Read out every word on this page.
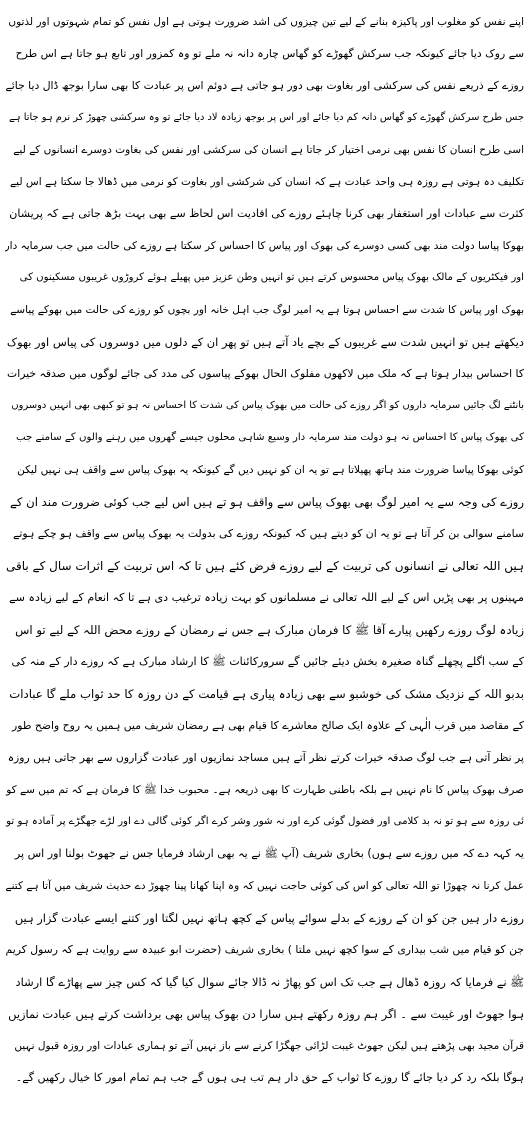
اپنے نفس کو مغلوب اور پاکیزہ بنانے کے لیے تین چیزوں کی اشد ضرورت ہوتی ہے اول نفس کو تمام شہوتوں اور لذتوں
سے روک دیا جائے کیونکہ جب سرکش گھوڑے کو گھاس چارہ دانہ نہ ملے تو وہ کمزور اور تابع ہو جاتا ہے اس طرح
روزے کے ذریعے نفس کی سرکشی اور بغاوت بھی دور ہو جاتی ہے دوئم اس پر عبادت کا بھی سارا بوجھ ڈال دیا جائے
جس طرح سرکش گھوڑے کو گھاس دانہ کم دیا جائے اور اس پر بوجھ زیادہ لاد دیا جائے تو وہ سرکشی چھوڑ کر نرم ہو جاتا ہے
اسی طرح انسان کا نفس بھی نرمی اختیار کر جاتا ہے انسان کی سرکشی اور نفس کی بغاوت دوسرے انسانوں کے لیے
تکلیف دہ ہوتی ہے روزہ ہی واحد عبادت ہے کہ انسان کی شرکشی اور بغاوت کو نرمی میں ڈھالا جا سکتا ہے اس لیے
کثرت سے عبادات اور استغفار بھی کرنا چاہئے روزے کی افادیت اس لحاظ سے بھی بہت بڑھ جاتی ہے کہ پریشان
بھوکا پیاسا دولت مند بھی کسی دوسرے کی بھوک اور پیاس کا احساس کر سکتا ہے روزے کی حالت میں جب سرمایہ دار
اور فیکٹریوں کے مالک بھوک پیاس محسوس کرتے ہیں تو انہیں وطن عزیز میں پھیلے ہوئے کروڑوں غریبوں مسکینوں کی
بھوک اور پیاس کا شدت سے احساس ہوتا ہے یہ امیر لوگ جب اہل خانہ اور بچوں کو روزے کی حالت میں بھوکے پیاسے
دیکھتے ہیں تو انہیں شدت سے غریبوں کے بچے یاد آتے ہیں تو پھر ان کے دلوں میں دوسروں کی پیاس اور بھوک
کا احساس بیدار ہوتا ہے کہ ملک میں لاکھوں مفلوک الحال بھوکے پیاسوں کی مدد کی جائے لوگوں میں صدقہ خیرات
بانٹنے لگ جائیں سرمایہ داروں کو اگر روزے کی حالت میں بھوک پیاس کی شدت کا احساس نہ ہو تو کبھی بھی انہیں دوسروں
کی بھوک پیاس کا احساس نہ ہو دولت مند سرمایہ دار وسیع شاہی محلوں جیسے گھروں میں رہنے والوں کے سامنے جب
کوئی بھوکا پیاسا ضرورت مند ہاتھ پھیلاتا ہے تو یہ ان کو نہیں دیں گے کیونکہ یہ بھوک پیاس سے واقف ہی نہیں لیکن
روزے کی وجہ سے یہ امیر لوگ بھی بھوک پیاس سے واقف ہو تے ہیں اس لیے جب کوئی ضرورت مند ان کے
سامنے سوالی بن کر آتا ہے تو یہ ان کو دیتے ہیں کہ کیونکہ روزے کی بدولت یہ بھوک پیاس سے واقف ہو چکے ہوتے
ہیں اللہ تعالی نے انسانوں کی تربیت کے لیے روزے فرض کئے ہیں تا کہ اس تربیت کے اثرات سال کے باقی
مہینوں پر بھی پڑیں اس کے لیے اللہ تعالی نے مسلمانوں کو بہت زیادہ ترغیب دی ہے تا کہ انعام کے لیے زیادہ سے
زیادہ لوگ روزے رکھیں پیارے آقا ﷺ کا فرمان مبارک ہے جس نے رمضان کے روزے محض اللہ کے لیے تو اس
کے سب اگلے پچھلے گناہ صغیرہ بخش دیئے جائیں گے سرورکائنات ﷺ کا ارشاد مبارک ہے کہ روزے دار کے منہ کی
بدبو اللہ کے نزدیک مشک کی خوشبو سے بھی زیادہ پیاری ہے قیامت کے دن روزہ کا حد ثواب ملے گا عبادات
کے مقاصد میں قرب الٰہی کے علاوہ ایک صالح معاشرے کا قیام بھی ہے رمضان شریف میں ہمیں یہ روح واضح طور
پر نظر آتی ہے جب لوگ صدقہ خیرات کرتے نظر آتے ہیں مساجد نمازیوں اور عبادت گزاروں سے بھر جاتی ہیں روزہ
صرف بھوک پیاس کا نام نہیں ہے بلکہ باطنی طہارت کا بھی ذریعہ ہے۔ محبوب خدا ﷺ کا فرمان ہے کہ تم میں سے کو
ئی روزہ سے ہو تو نہ بد کلامی اور فضول گوئی کرے اور نہ شور وشر کرے اگر کوئی گالی دے اور لڑے جھگڑے پر آمادہ ہو تو
یہ کہہ دے کہ میں روزے سے ہوں) بخاری شریف (آپ ﷺ نے یہ بھی ارشاد فرمایا جس نے جھوٹ بولنا اور اس پر
عمل کرنا نہ چھوڑا تو اللہ تعالی کو اس کی کوئی حاجت نہیں کہ وہ اپنا کھانا پینا چھوڑ دے حدیث شریف میں آتا ہے کتنے
روزے دار ہیں جن کو ان کے روزے کے بدلے سوائے پیاس کے کچھ ہاتھ نہیں لگتا اور کتنے ایسے عبادت گزار ہیں
جن کو قیام میں شب بیداری کے سوا کچھ نہیں ملتا ) بخاری شریف (حضرت ابو عبیدہ سے روایت ہے کہ رسول کریم
ﷺ نے فرمایا کہ روزہ ڈھال ہے جب تک اس کو پھاڑ نہ ڈالا جائے سوال کیا گیا کہ کس چیز سے پھاڑے گا ارشاد
ہوا جھوٹ اور غیبت سے ۔ اگر ہم روزہ رکھتے ہیں سارا دن بھوک پیاس بھی برداشت کرتے ہیں عبادت نمازیں
قرآن مجید بھی پڑھتے ہیں لیکن جھوٹ غیبت لڑائی جھگڑا کرنے سے باز نہیں آتے تو ہماری عبادات اور روزہ قبول نہیں
ہوگا بلکہ رد کر دیا جائے گا روزے کا ثواب کے حق دار ہم تب ہی ہوں گے جب ہم تمام امور کا خیال رکھیں گے۔
